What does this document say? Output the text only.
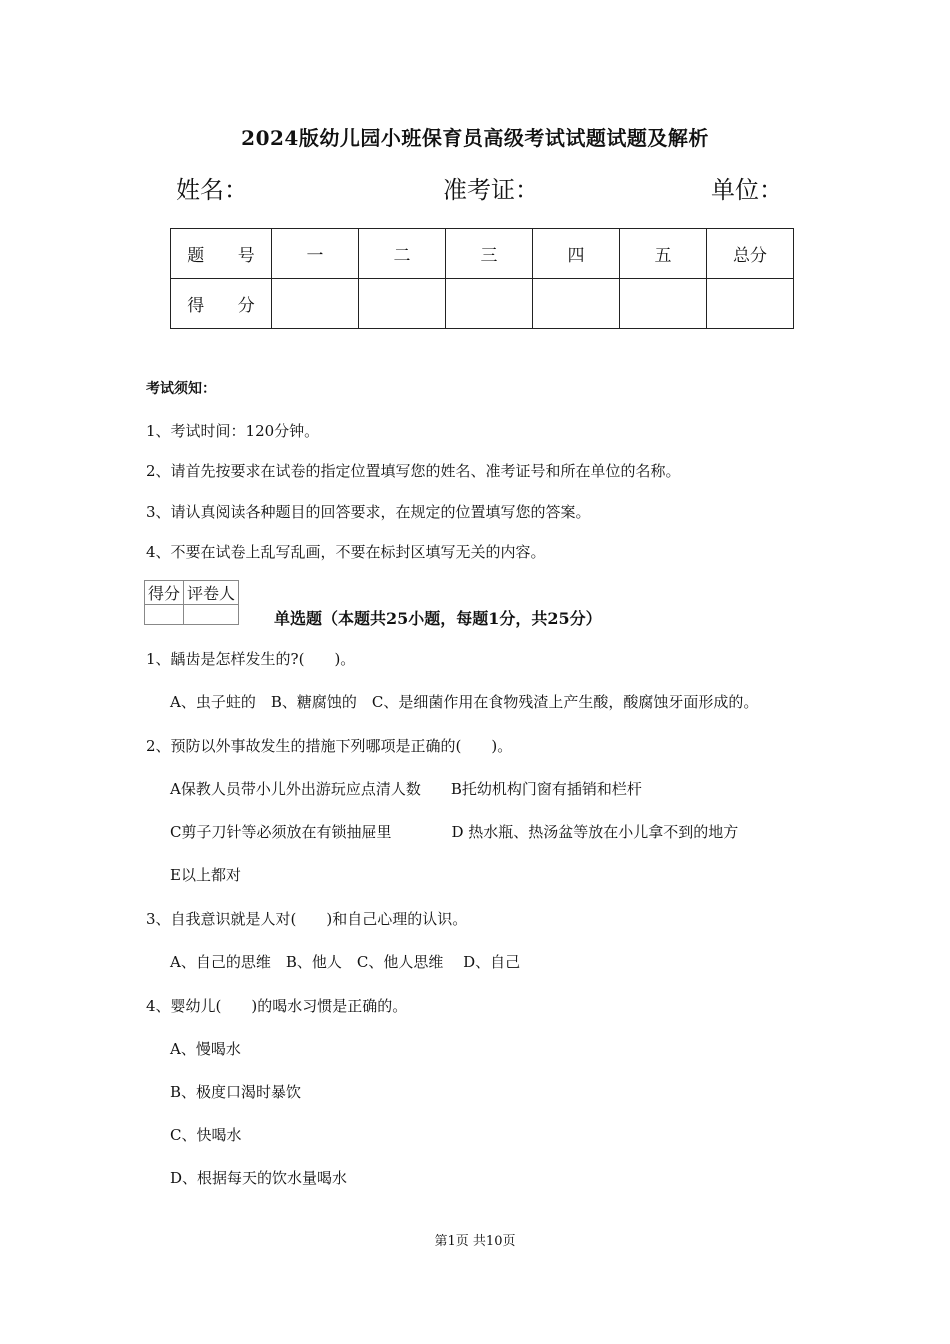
2024版幼儿园小班保育员高级考试试题试题及解析
姓名：	准考证：	单位：
题 号	一	二	三	四	五	总分
得 分						
考试须知：
1、考试时间：120分钟。
2、请首先按要求在试卷的指定位置填写您的姓名、准考证号和所在单位的名称。
3、请认真阅读各种题目的回答要求，在规定的位置填写您的答案。
4、不要在试卷上乱写乱画，不要在标封区填写无关的内容。
得分	评卷人

单选题（本题共25小题，每题1分，共25分）
1、龋齿是怎样发生的?(　　)。
A、虫子蛀的　B、糖腐蚀的　C、是细菌作用在食物残渣上产生酸，酸腐蚀牙面形成的。
2、预防以外事故发生的措施下列哪项是正确的(　　)。
A保教人员带小儿外出游玩应点清人数　　B托幼机构门窗有插销和栏杆
C剪子刀针等必须放在有锁抽屉里　　　　D 热水瓶、热汤盆等放在小儿拿不到的地方
E以上都对
3、自我意识就是人对(　　)和自己心理的认识。
A、自己的思维　B、他人　C、他人思维　 D、自己
4、婴幼儿(　　)的喝水习惯是正确的。
A、慢喝水
B、极度口渴时暴饮
C、快喝水
D、根据每天的饮水量喝水
第1页 共10页
